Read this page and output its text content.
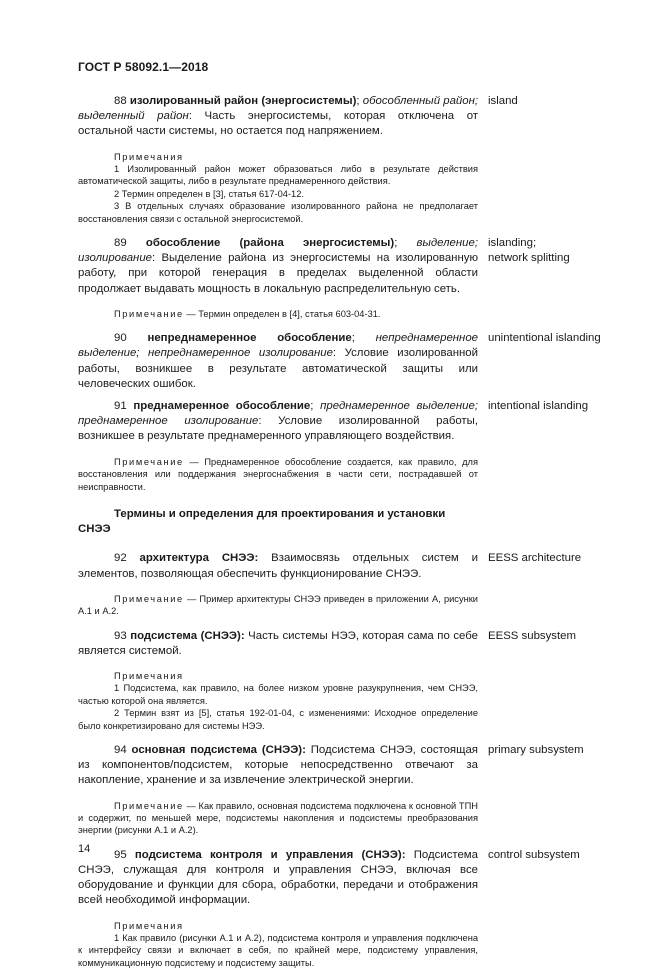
ГОСТ Р 58092.1—2018
88 изолированный район (энергосистемы); обособленный район; выделенный район: Часть энергосистемы, которая отключена от остальной части системы, но остается под напряжением.
island

Примечания

1 Изолированный район может образоваться либо в результате действия автоматической защиты, либо в результате преднамеренного действия.

2 Термин определен в [3], статья 617-04-12.

3 В отдельных случаях образование изолированного района не предполагает восстановления связи с остальной энергосистемой.

89 обособление (района энергосистемы); выделение; изолирование: Выделение района из энергосистемы на изолированную работу, при которой генерация в пределах выделенной области продолжает выдавать мощность в локальную распределительную сеть.
islanding;
network splitting

Примечание — Термин определен в [4], статья 603-04-31.

90 непреднамеренное обособление; непреднамеренное выделение; непреднамеренное изолирование: Условие изолированной работы, возникшее в результате автоматической защиты или человеческих ошибок.
unintentional islanding
91 преднамеренное обособление; преднамеренное выделение; преднамеренное изолирование: Условие изолированной работы, возникшее в результате преднамеренного управляющего воздействия.
intentional islanding

Примечание — Преднамеренное обособление создается, как правило, для восстановления или поддержания энергоснабжения в части сети, пострадавшей от неисправности.

Термины и определения для проектирования и установки СНЭЭ
92 архитектура СНЭЭ: Взаимосвязь отдельных систем и элементов, позволяющая обеспечить функционирование СНЭЭ.
EESS architecture

Примечание — Пример архитектуры СНЭЭ приведен в приложении А, рисунки А.1 и А.2.

93 подсистема (СНЭЭ): Часть системы НЭЭ, которая сама по себе является системой.
EESS subsystem

Примечания

1 Подсистема, как правило, на более низком уровне разукрупнения, чем СНЭЭ, частью которой она является.

2 Термин взят из [5], статья 192-01-04, с изменениями: Исходное определение было конкретизировано для системы НЭЭ.

94 основная подсистема (СНЭЭ): Подсистема СНЭЭ, состоящая из компонентов/подсистем, которые непосредственно отвечают за накопление, хранение и за извлечение электрической энергии.
primary subsystem

Примечание — Как правило, основная подсистема подключена к основной ТПН и содержит, по меньшей мере, подсистемы накопления и подсистемы преобразования энергии (рисунки А.1 и А.2).

95 подсистема контроля и управления (СНЭЭ): Подсистема СНЭЭ, служащая для контроля и управления СНЭЭ, включая все оборудование и функции для сбора, обработки, передачи и отображения всей необходимой информации.
control subsystem

Примечания

1 Как правило (рисунки А.1 и А.2), подсистема контроля и управления подключена к интерфейсу связи и включает в себя, по крайней мере, подсистему управления, коммуникационную подсистему и подсистему защиты.

14
